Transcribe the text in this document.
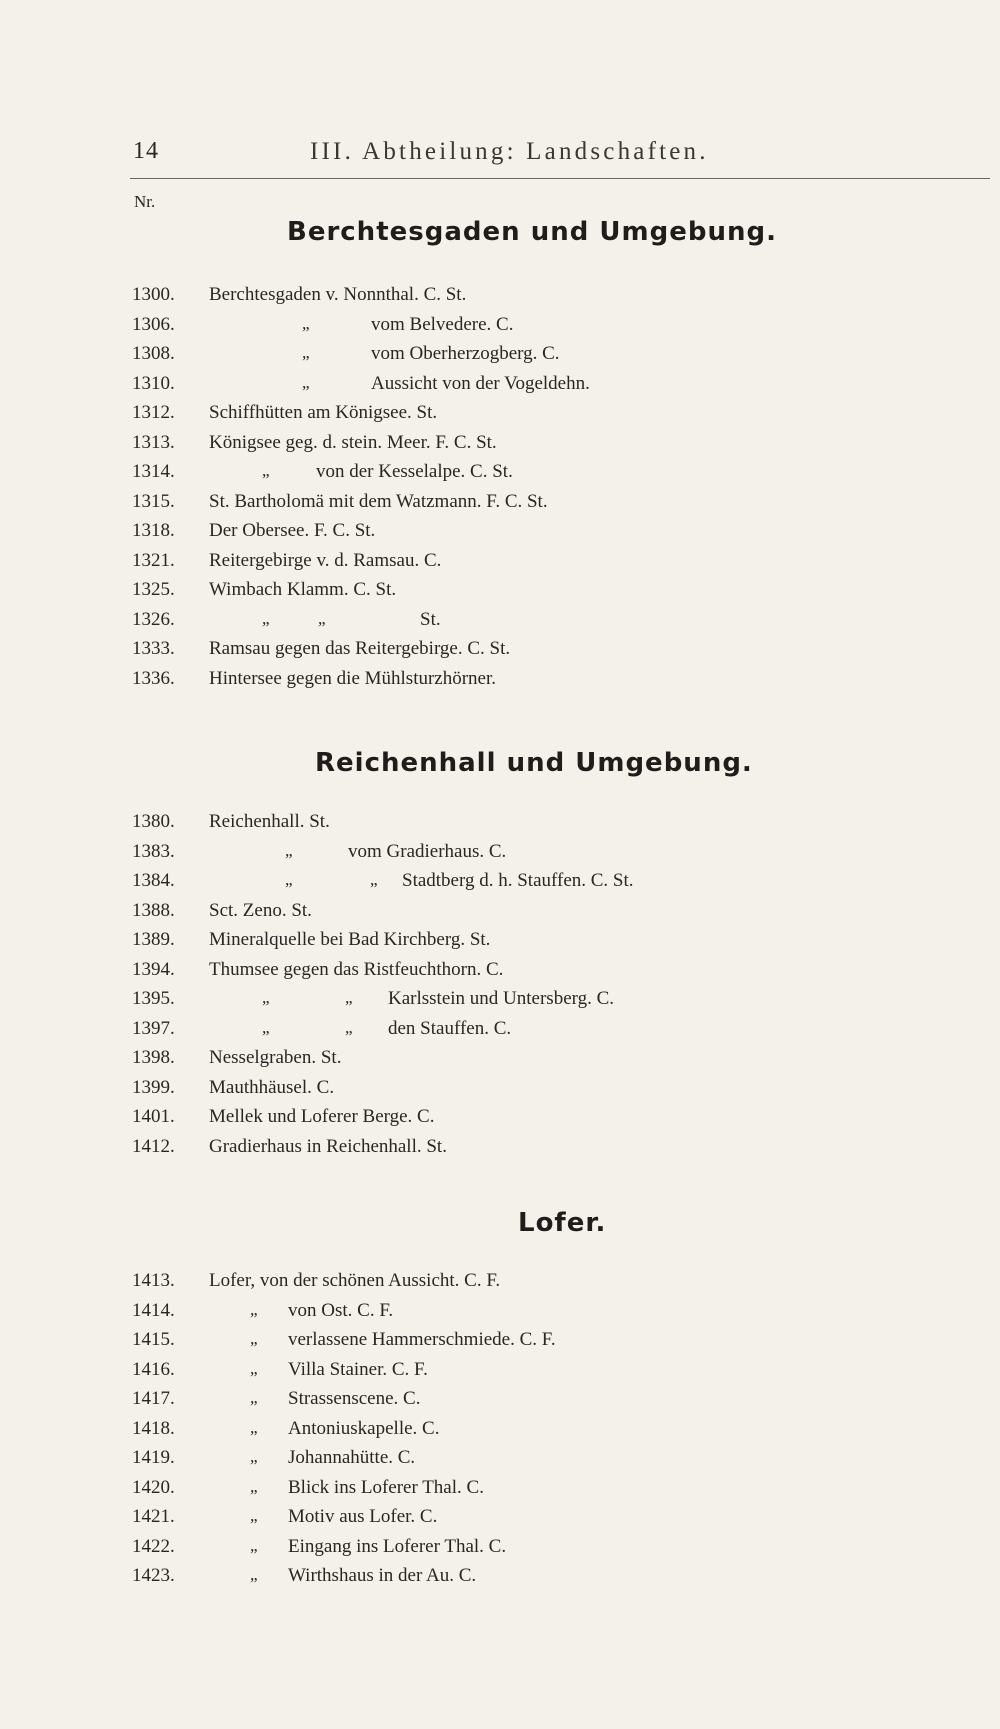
14	III. Abtheilung: Landschaften.
Nr.
Berchtesgaden und Umgebung.
1300.	Berchtesgaden v. Nonnthal. C. St.
1306.	„	vom Belvedere. C.
1308.	„	vom Oberherzogberg. C.
1310.	„	Aussicht von der Vogeldehn.
1312.	Schiffhütten am Königsee. St.
1313.	Königsee geg. d. stein. Meer. F. C. St.
1314.	„ von der Kesselalpe. C. St.
1315.	St. Bartholomä mit dem Watzmann. F. C. St.
1318.	Der Obersee. F. C. St.
1321.	Reitergebirge v. d. Ramsau. C.
1325.	Wimbach Klamm. C. St.
1326.	„	„	St.
1333.	Ramsau gegen das Reitergebirge. C. St.
1336.	Hintersee gegen die Mühlsturzhörner.
Reichenhall und Umgebung.
1380.	Reichenhall. St.
1383.	„	vom Gradierhaus. C.
1384.	„	„ Stadtberg d. h. Stauffen. C. St.
1388.	Sct. Zeno. St.
1389.	Mineralquelle bei Bad Kirchberg. St.
1394.	Thumsee gegen das Ristfeuchthorn. C.
1395.	„	„ Karlsstein und Untersberg. C.
1397.	„	„ den Stauffen. C.
1398.	Nesselgraben. St.
1399.	Mauthhäusel. C.
1401.	Mellek und Loferer Berge. C.
1412.	Gradierhaus in Reichenhall. St.
Lofer.
1413.	Lofer, von der schönen Aussicht. C. F.
1414.	„ von Ost. C. F.
1415.	„ verlassene Hammerschmiede. C. F.
1416.	„ Villa Stainer. C. F.
1417.	„ Strassenscene. C.
1418.	„ Antoniuskapelle. C.
1419.	„ Johannahütte. C.
1420.	„ Blick ins Loferer Thal. C.
1421.	„ Motiv aus Lofer. C.
1422.	„ Eingang ins Loferer Thal. C.
1423.	„ Wirthshaus in der Au. C.
